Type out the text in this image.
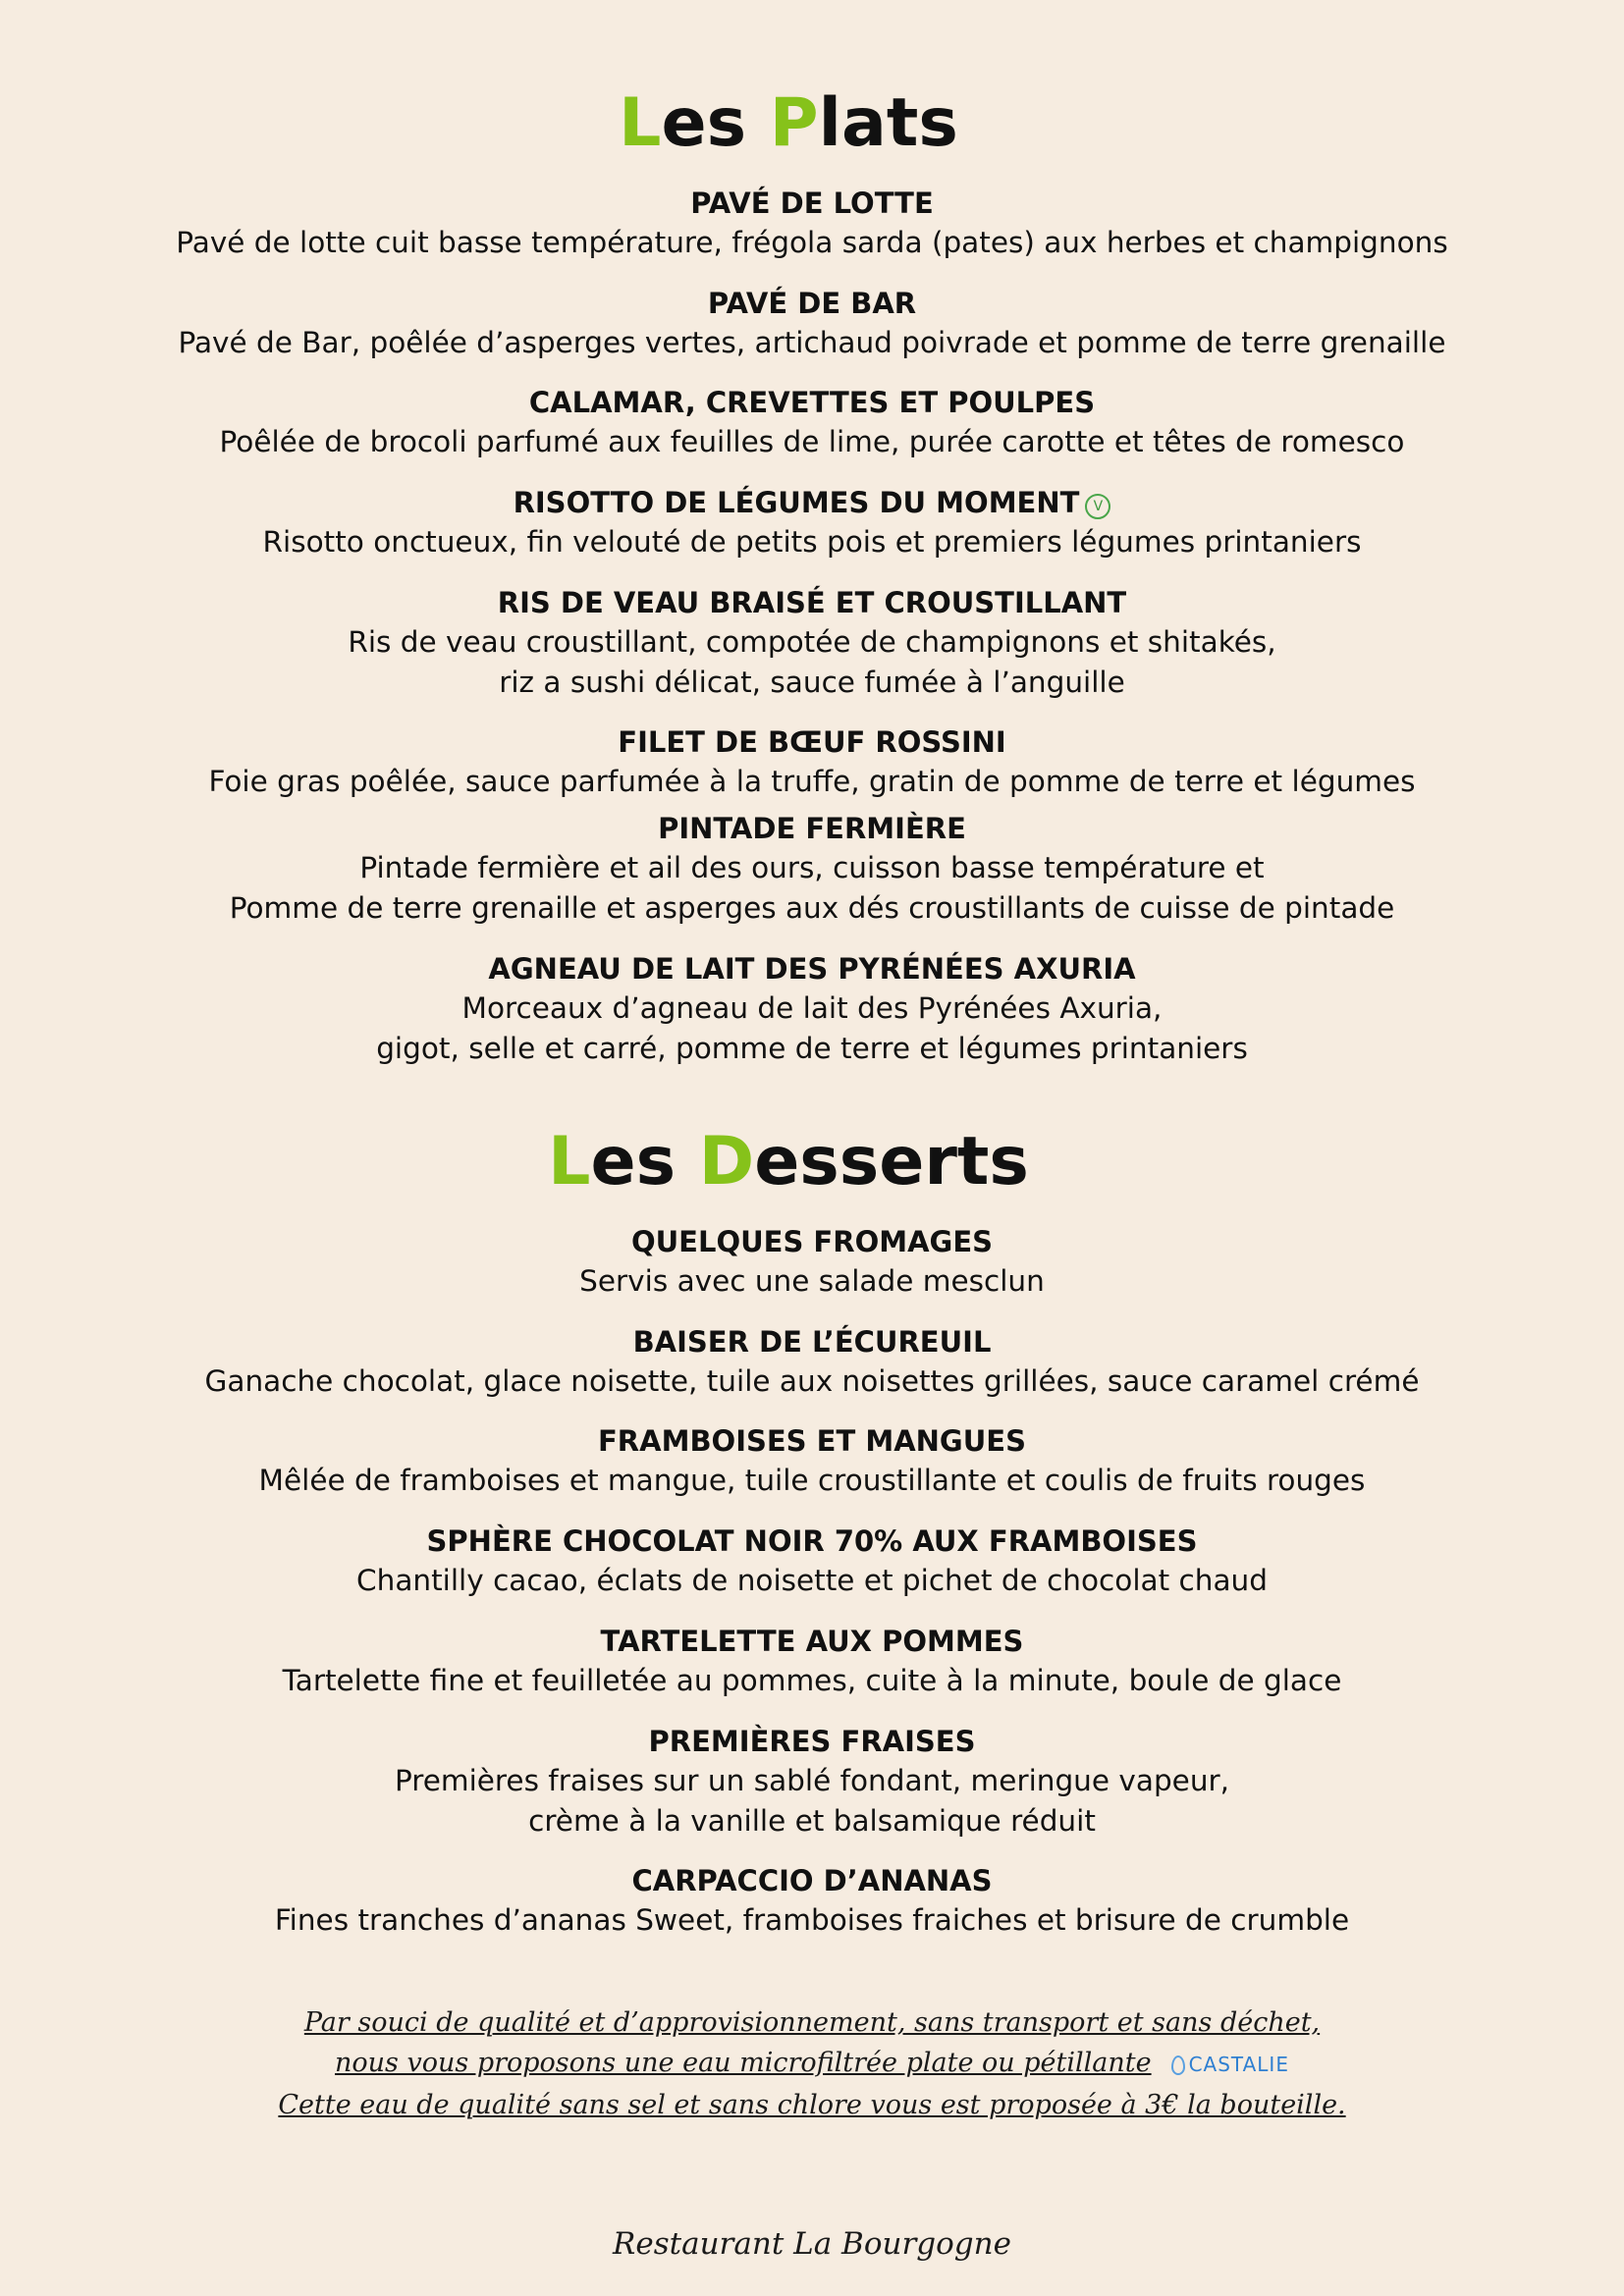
Les Plats
PAVÉ DE LOTTE
Pavé de lotte cuit basse température, frégola sarda (pates) aux herbes et champignons
PAVÉ DE BAR
Pavé de Bar, poêlée d’asperges vertes, artichaud poivrade et pomme de terre grenaille
CALAMAR, CREVETTES ET POULPES
Poêlée de brocoli parfumé aux feuilles de lime, purée carotte et têtes de romesco
RISOTTO DE LÉGUMES DU MOMENT V
Risotto onctueux, fin velouté de petits pois et premiers légumes printaniers
RIS DE VEAU BRAISÉ ET CROUSTILLANT
Ris de veau croustillant, compotée de champignons et shitakés,
riz a sushi délicat, sauce fumée à l’anguille
FILET DE BŒUF ROSSINI
Foie gras poêlée, sauce parfumée à la truffe, gratin de pomme de terre et légumes
PINTADE FERMIÈRE
Pintade fermière et ail des ours, cuisson basse température et
Pomme de terre grenaille et asperges aux dés croustillants de cuisse de pintade
AGNEAU DE LAIT DES PYRÉNÉES AXURIA
Morceaux d’agneau de lait des Pyrénées Axuria,
gigot, selle et carré, pomme de terre et légumes printaniers
Les Desserts
QUELQUES FROMAGES
Servis avec une salade mesclun
BAISER DE L’ÉCUREUIL
Ganache chocolat, glace noisette, tuile aux noisettes grillées, sauce caramel crémé
FRAMBOISES ET MANGUES
Mêlée de framboises et mangue, tuile croustillante et coulis de fruits rouges
SPHÈRE CHOCOLAT NOIR 70% AUX FRAMBOISES
Chantilly cacao, éclats de noisette et pichet de chocolat chaud
TARTELETTE AUX POMMES
Tartelette fine et feuilletée au pommes, cuite à la minute, boule de glace
PREMIÈRES FRAISES
Premières fraises sur un sablé fondant, meringue vapeur,
crème à la vanille et balsamique réduit
CARPACCIO D’ANANAS
Fines tranches d’ananas Sweet, framboises fraiches et brisure de crumble
Par souci de qualité et d’approvisionnement, sans transport et sans déchet,
nous vous proposons une eau microfiltrée plate ou pétillante CASTALIE
Cette eau de qualité sans sel et sans chlore vous est proposée à 3€ la bouteille.
Restaurant La Bourgogne
